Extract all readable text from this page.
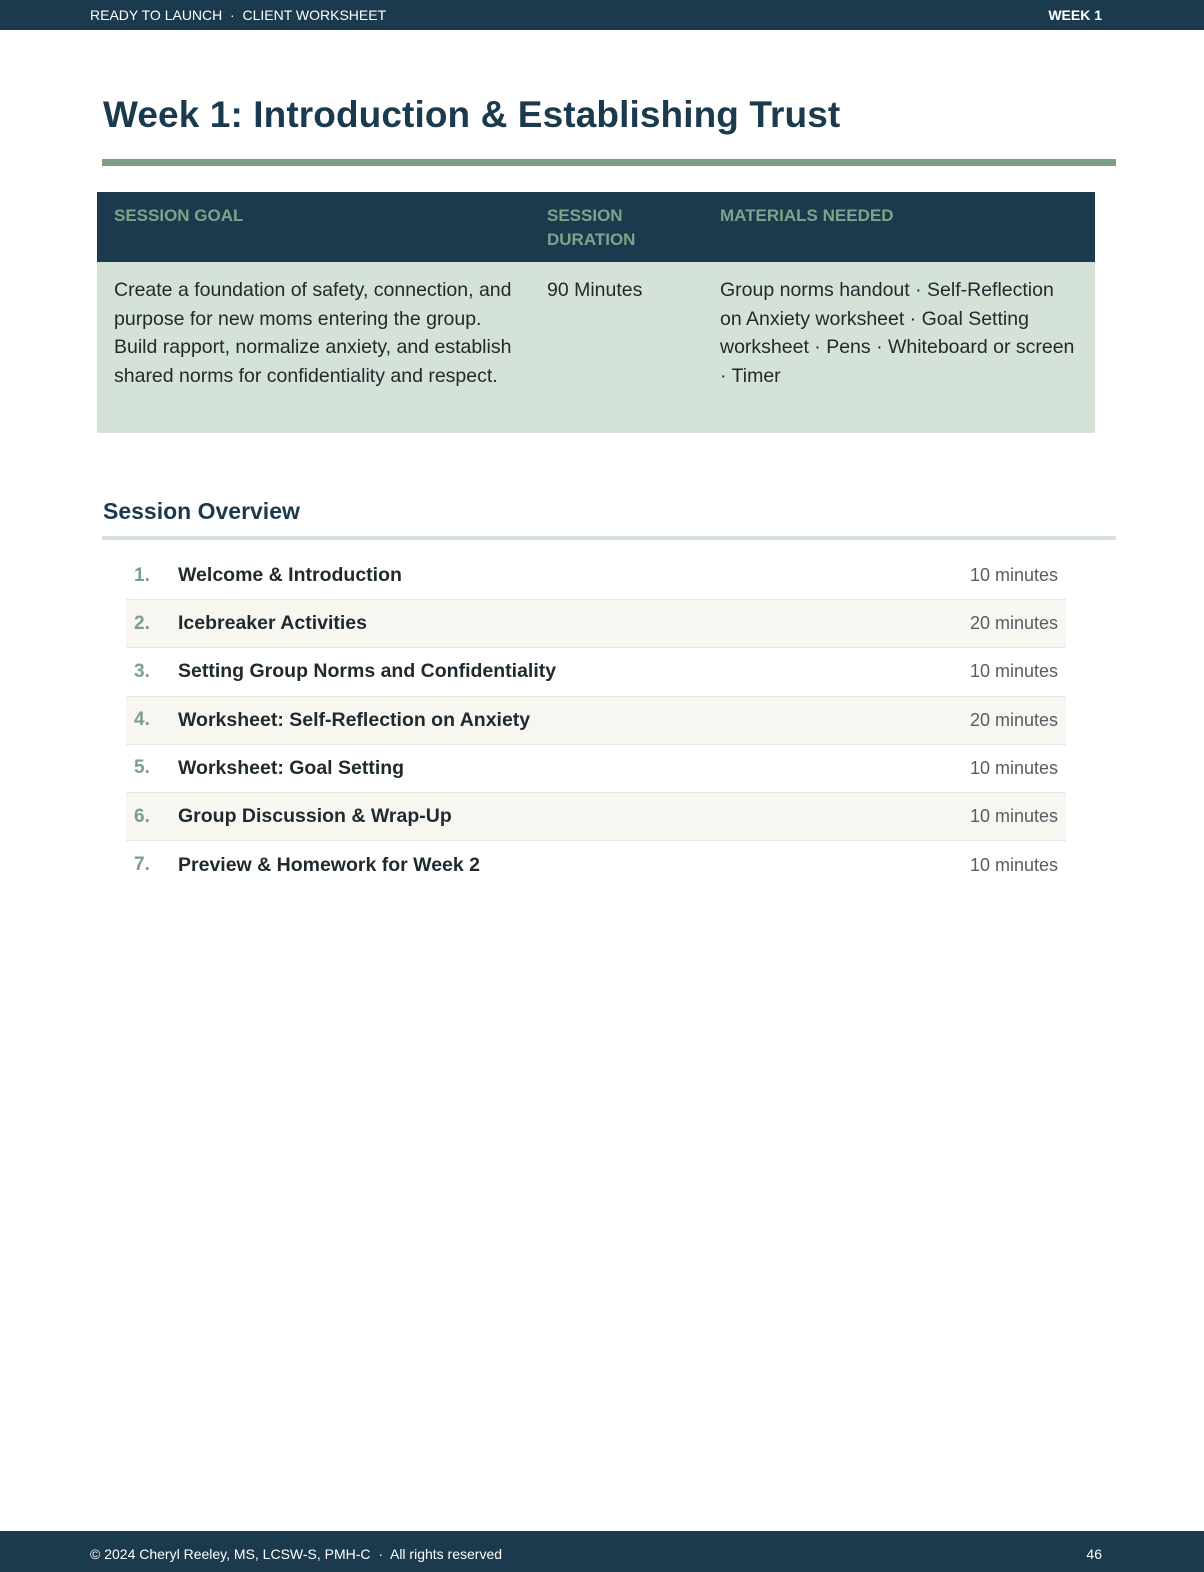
READY TO LAUNCH  ·  CLIENT WORKSHEET	WEEK 1
Week 1: Introduction & Establishing Trust
SESSION GOAL	SESSION DURATION	MATERIALS NEEDED
Create a foundation of safety, connection, and purpose for new moms entering the group. Build rapport, normalize anxiety, and establish shared norms for confidentiality and respect.	90 Minutes	Group norms handout · Self-Reflection on Anxiety worksheet · Goal Setting worksheet · Pens · Whiteboard or screen · Timer
Session Overview
1.	Welcome & Introduction	10 minutes
2.	Icebreaker Activities	20 minutes
3.	Setting Group Norms and Confidentiality	10 minutes
4.	Worksheet: Self-Reflection on Anxiety	20 minutes
5.	Worksheet: Goal Setting	10 minutes
6.	Group Discussion & Wrap-Up	10 minutes
7.	Preview & Homework for Week 2	10 minutes
© 2024 Cheryl Reeley, MS, LCSW-S, PMH-C  ·  All rights reserved	46
